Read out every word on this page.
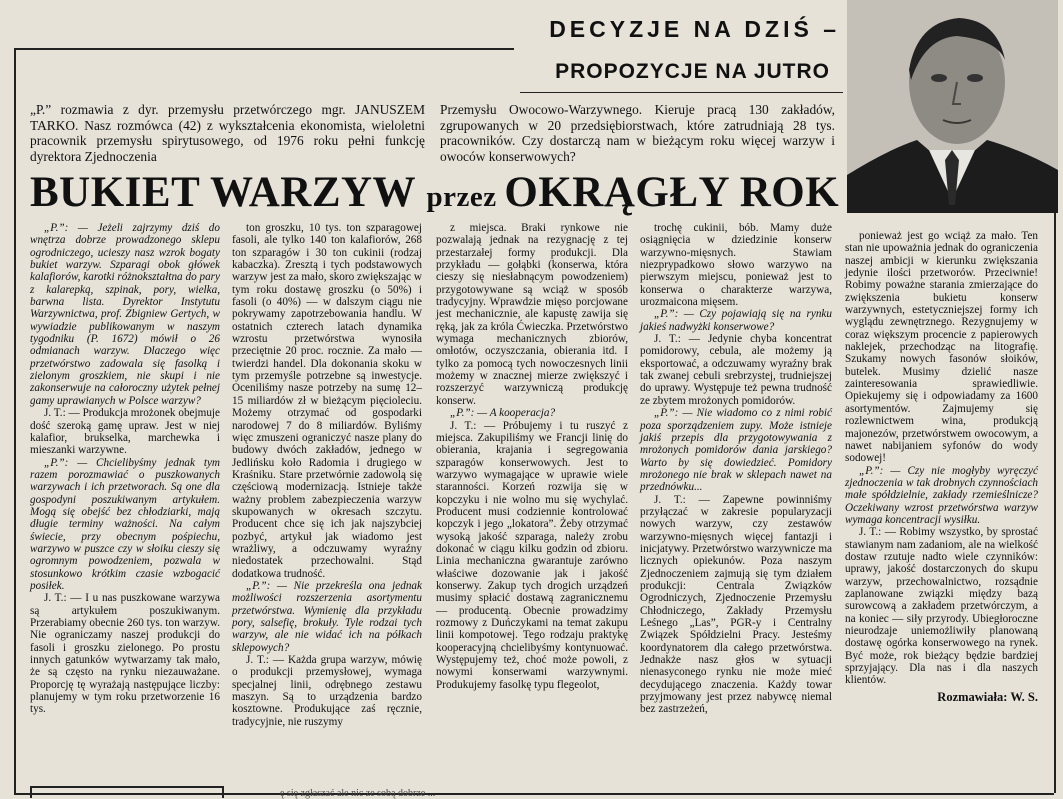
DECYZJE NA DZIŚ –
PROPOZYCJE NA JUTRO
„P.” rozmawia z dyr. przemysłu przetwórczego mgr. JANUSZEM TARKO. Nasz rozmówca (42) z wykształcenia ekonomista, wieloletni pracownik przemysłu spirytusowego, od 1976 roku pełni funkcję dyrektora Zjednoczenia
Przemysłu Owocowo-Warzywnego. Kieruje pracą 130 zakładów, zgrupowanych w 20 przedsiębiorstwach, które zatrudniają 28 tys. pracowników. Czy dostarczą nam w bieżącym roku więcej warzyw i owoców konserwowych?
BUKIET WARZYW przez OKRĄGŁY ROK

„P.”: — Jeżeli zajrzymy dziś do wnętrza dobrze prowadzonego sklepu ogrodniczego, ucieszy nasz wzrok bogaty bukiet warzyw. Szparagi obok główek kalafiorów, karotki różnokształtna do pary z kalarepką, szpinak, pory, wielka, barwna lista. Dyrektor Instytutu Warzywnictwa, prof. Zbigniew Gertych, w wywiadzie publikowanym w naszym tygodniku (P. 1672) mówił o 26 odmianach warzyw. Dlaczego więc przetwórstwo zadowala się fasolką i zielonym groszkiem, nie skupi i nie zakonserwuje na całoroczny użytek pełnej gamy uprawianych w Polsce warzyw?

J. T.: — Produkcja mrożonek obejmuje dość szeroką gamę upraw. Jest w niej kalafior, brukselka, marchewka i mieszanki warzywne.

„P.”: — Chcielibyśmy jednak tym razem porozmawiać o puszkowanych warzywach i ich przetworach. Są one dla gospodyni poszukiwanym artykułem. Mogą się obejść bez chłodziarki, mają długie terminy ważności. Na całym świecie, przy obecnym pośpiechu, warzywo w puszce czy w słoiku cieszy się ogromnym powodzeniem, pozwala w stosunkowo krótkim czasie wzbogacić posiłek.

J. T.: — I u nas puszkowane warzywa są artykułem poszukiwanym. Przerabiamy obecnie 260 tys. ton warzyw. Nie ograniczamy naszej produkcji do fasoli i groszku zielonego. Po prostu innych gatunków wytwarzamy tak mało, że są często na rynku niezauważane. Proporcję tę wyrażają następujące liczby: planujemy w tym roku przetworzenie 16 tys.

ton groszku, 10 tys. ton szparagowej fasoli, ale tylko 140 ton kalafiorów, 268 ton szparagów i 30 ton cukinii (rodzaj kabaczka). Zresztą i tych podstawowych warzyw jest za mało, skoro zwiększając w tym roku dostawę groszku (o 50%) i fasoli (o 40%) — w dalszym ciągu nie pokrywamy zapotrzebowania handlu. W ostatnich czterech latach dynamika wzrostu przetwórstwa wynosiła przeciętnie 20 proc. rocznie. Za mało — twierdzi handel. Dla dokonania skoku w tym przemyśle potrzebne są inwestycje. Oceniliśmy nasze potrzeby na sumę 12–15 miliardów zł w bieżącym pięcioleciu. Możemy otrzymać od gospodarki narodowej 7 do 8 miliardów. Byliśmy więc zmuszeni ograniczyć nasze plany do budowy dwóch zakładów, jednego w Jedlińsku koło Radomia i drugiego w Kraśniku. Stare przetwórnie zadowolą się częściową modernizacją. Istnieje także ważny problem zabezpieczenia warzyw skupowanych w okresach szczytu. Producent chce się ich jak najszybciej pozbyć, artykuł jak wiadomo jest wrażliwy, a odczuwamy wyraźny niedostatek przechowalni. Stąd dodatkowa trudność.

„P.”: — Nie przekreśla ona jednak możliwości rozszerzenia asortymentu przetwórstwa. Wymienię dla przykładu pory, salsefię, brokuły. Tyle rodzai tych warzyw, ale nie widać ich na półkach sklepowych?

J. T.: — Każda grupa warzyw, mówię o produkcji przemysłowej, wymaga specjalnej linii, odrębnego zestawu maszyn. Są to urządzenia bardzo kosztowne. Produkujące zaś ręcznie, tradycyjnie, nie ruszymy

z miejsca. Braki rynkowe nie pozwalają jednak na rezygnację z tej przestarzałej formy produkcji. Dla przykładu — gołąbki (konserwa, która cieszy się niesłabnącym powodzeniem) przygotowywane są wciąż w sposób tradycyjny. Wprawdzie mięso porcjowane jest mechanicznie, ale kapustę zawija się ręką, jak za króla Ćwieczka. Przetwórstwo wymaga mechanicznych zbiorów, omłotów, oczyszczania, obierania itd. I tylko za pomocą tych nowoczesnych linii możemy w znacznej mierze zwiększyć i rozszerzyć warzywniczą produkcję konserw.

„P.”: — A kooperacja?

J. T.: — Próbujemy i tu ruszyć z miejsca. Zakupiliśmy we Francji linię do obierania, krajania i segregowania szparagów konserwowych. Jest to warzywo wymagające w uprawie wiele staranności. Korzeń rozwija się w kopczyku i nie wolno mu się wychylać. Producent musi codziennie kontrolować kopczyk i jego „lokatora”. Żeby otrzymać wysoką jakość szparaga, należy zrobu dokonać w ciągu kilku godzin od zbioru. Linia mechaniczna gwarantuje zarówno właściwe dozowanie jak i jakość konserwy. Zakup tych drogich urządzeń musimy spłacić dostawą zagranicznemu — producentą. Obecnie prowadzimy rozmowy z Duńczykami na temat zakupu linii kompotowej. Tego rodzaju praktykę kooperacyjną chcielibyśmy kontynuować. Występujemy też, choć może powoli, z nowymi konserwami warzywnymi. Produkujemy fasolkę typu flegeolot,

trochę cukinii, bób. Mamy duże osiągnięcia w dziedzinie konserw warzywno-mięsnych. Stawiam niezprypadkowo słowo warzywo na pierwszym miejscu, ponieważ jest to konserwa o charakterze warzywa, urozmaicona mięsem.

„P.”: — Czy pojawiają się na rynku jakieś nadwyżki konserwowe?

J. T.: — Jedynie chyba koncentrat pomidorowy, cebula, ale możemy ją eksportować, a odczuwamy wyraźny brak tak zwanej cebuli srebrzystej, trudniejszej do uprawy. Występuje też pewna trudność ze zbytem mrożonych pomidorów.

„P.”: — Nie wiadomo co z nimi robić poza sporządzeniem zupy. Może istnieje jakiś przepis dla przygotowywania z mrożonych pomidorów dania jarskiego? Warto by się dowiedzieć. Pomidory mrożonego nie brak w sklepach nawet na przednówku...

J. T.: — Zapewne powinniśmy przyłączać w zakresie popularyzacji nowych warzyw, czy zestawów warzywno-mięsnych więcej fantazji i inicjatywy. Przetwórstwo warzywnicze ma licznych opiekunów. Poza naszym Zjednoczeniem zajmują się tym działem produkcji: Centrala Związków Ogrodniczych, Zjednoczenie Przemysłu Chłodniczego, Zakłady Przemysłu Leśnego „Las”, PGR-y i Centralny Związek Spółdzielni Pracy. Jesteśmy koordynatorem dla całego przetwórstwa. Jednakże nasz głos w sytuacji nienasyconego rynku nie może mieć decydującego znaczenia. Każdy towar przyjmowany jest przez nabywcę niemal bez zastrzeżeń,

ponieważ jest go wciąż za mało. Ten stan nie upoważnia jednak do ograniczenia naszej ambicji w kierunku zwiększania jedynie ilości przetworów. Przeciwnie! Robimy poważne starania zmierzające do zwiększenia bukietu konserw warzywnych, estetyczniejszej formy ich wyglądu zewnętrznego. Rezygnujemy w coraz większym procencie z papierowych naklejek, przechodząc na litografię. Szukamy nowych fasonów słoików, butelek. Musimy dzielić nasze zainteresowania sprawiedliwie. Opiekujemy się i odpowiadamy za 1600 asortymentów. Zajmujemy się rozlewnictwem wina, produkcją majonezów, przetwórstwem owocowym, a nawet nabijaniem syfonów do wody sodowej!

„P.”: — Czy nie mogłyby wyręczyć zjednoczenia w tak drobnych czynnościach małe spółdzielnie, zakłady rzemieślnicze? Oczekiwany wzrost przetwórstwa warzyw wymaga koncentracji wysiłku.

J. T.: — Robimy wszystko, by sprostać stawianym nam zadaniom, ale na wielkość dostaw rzutuje nadto wiele czynników: uprawy, jakość dostarczonych do skupu warzyw, przechowalnictwo, rozsądnie zaplanowane związki między bazą surowcową a zakładem przetwórczym, a na koniec — siły przyrody. Ubiegłoroczne nieurodzaje uniemożliwiły planowaną dostawę ogórka konserwowego na rynek. Być może, rok bieżący będzie bardziej sprzyjający. Dla nas i dla naszych klientów.

Rozmawiała: W. S.
ę się zgłaszać ale nic ze sobą dobrze ...
